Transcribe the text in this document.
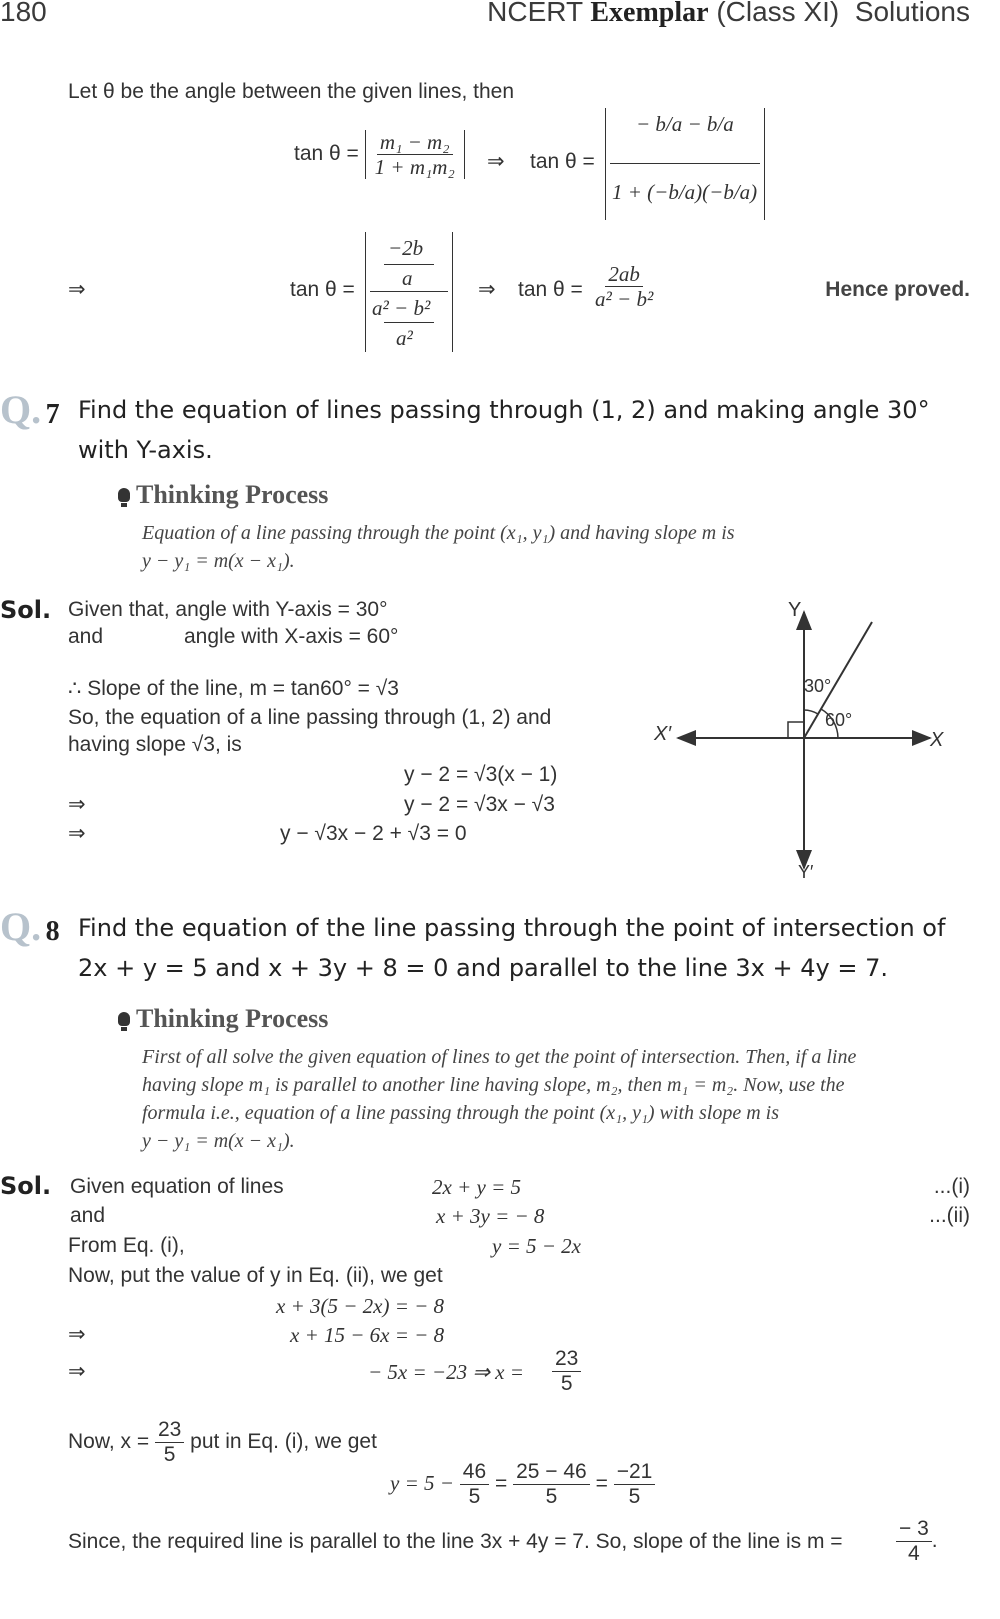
180	NCERT Exemplar (Class XI) Solutions
Let θ be the angle between the given lines, then
$\tan \theta = \frac{\text{m₁ − m₂}}{\text{1 + m₁m₂}}$ ⇒ tan θ =
− b/a − b/a
1 + (−b/a)(−b/a)
⇒	tan θ =
−2b
a
a² − b²
a²
⇒ $\tan \theta = \frac{2ab}{\text{a² − b²}}$	Hence proved.
Q. 7 Find the equation of lines passing through (1, 2) and making angle 30°
with Y-axis.
Thinking Process
Equation of a line passing through the point (x₁, y₁) and having slope m is
y − y₁ = m(x − x₁).
Sol. Given that, angle with Y-axis = 30°
and	angle with X-axis = 60°
∴ Slope of the line, m = tan60° = √3
So, the equation of a line passing through (1, 2) and
having slope √3, is
y − 2 = √3(x − 1)
⇒	y − 2 = √3x − √3
⇒	y − √3x − 2 + √3 = 0
Y
Y′
X
X′
30°
60°
Q. 8 Find the equation of the line passing through the point of intersection of
2x + y = 5 and x + 3y + 8 = 0 and parallel to the line 3x + 4y = 7.
Thinking Process
First of all solve the given equation of lines to get the point of intersection. Then, if a line
having slope m₁ is parallel to another line having slope, m₂, then m₁ = m₂. Now, use the
formula i.e., equation of a line passing through the point (x₁, y₁) with slope m is
y − y₁ = m(x − x₁).
Sol. Given equation of lines	2x + y = 5	...(i)
and	x + 3y = − 8	...(ii)
From Eq. (i),	y = 5 − 2x
Now, put the value of y in Eq. (ii), we get
x + 3(5 − 2x) = − 8
⇒	x + 15 − 6x = − 8
⇒	− 5x = −23 ⇒ $x = \frac{23}{5}$
Now, $x = \frac{23}{5}$ put in Eq. (i), we get
$y = 5 - \frac{46}{5} = \frac{25 - 46}{5} = \frac{-21}{5}$
Since, the required line is parallel to the line 3x + 4y = 7. So, slope of the line is m =	$\frac{- 3}{4}$ .
